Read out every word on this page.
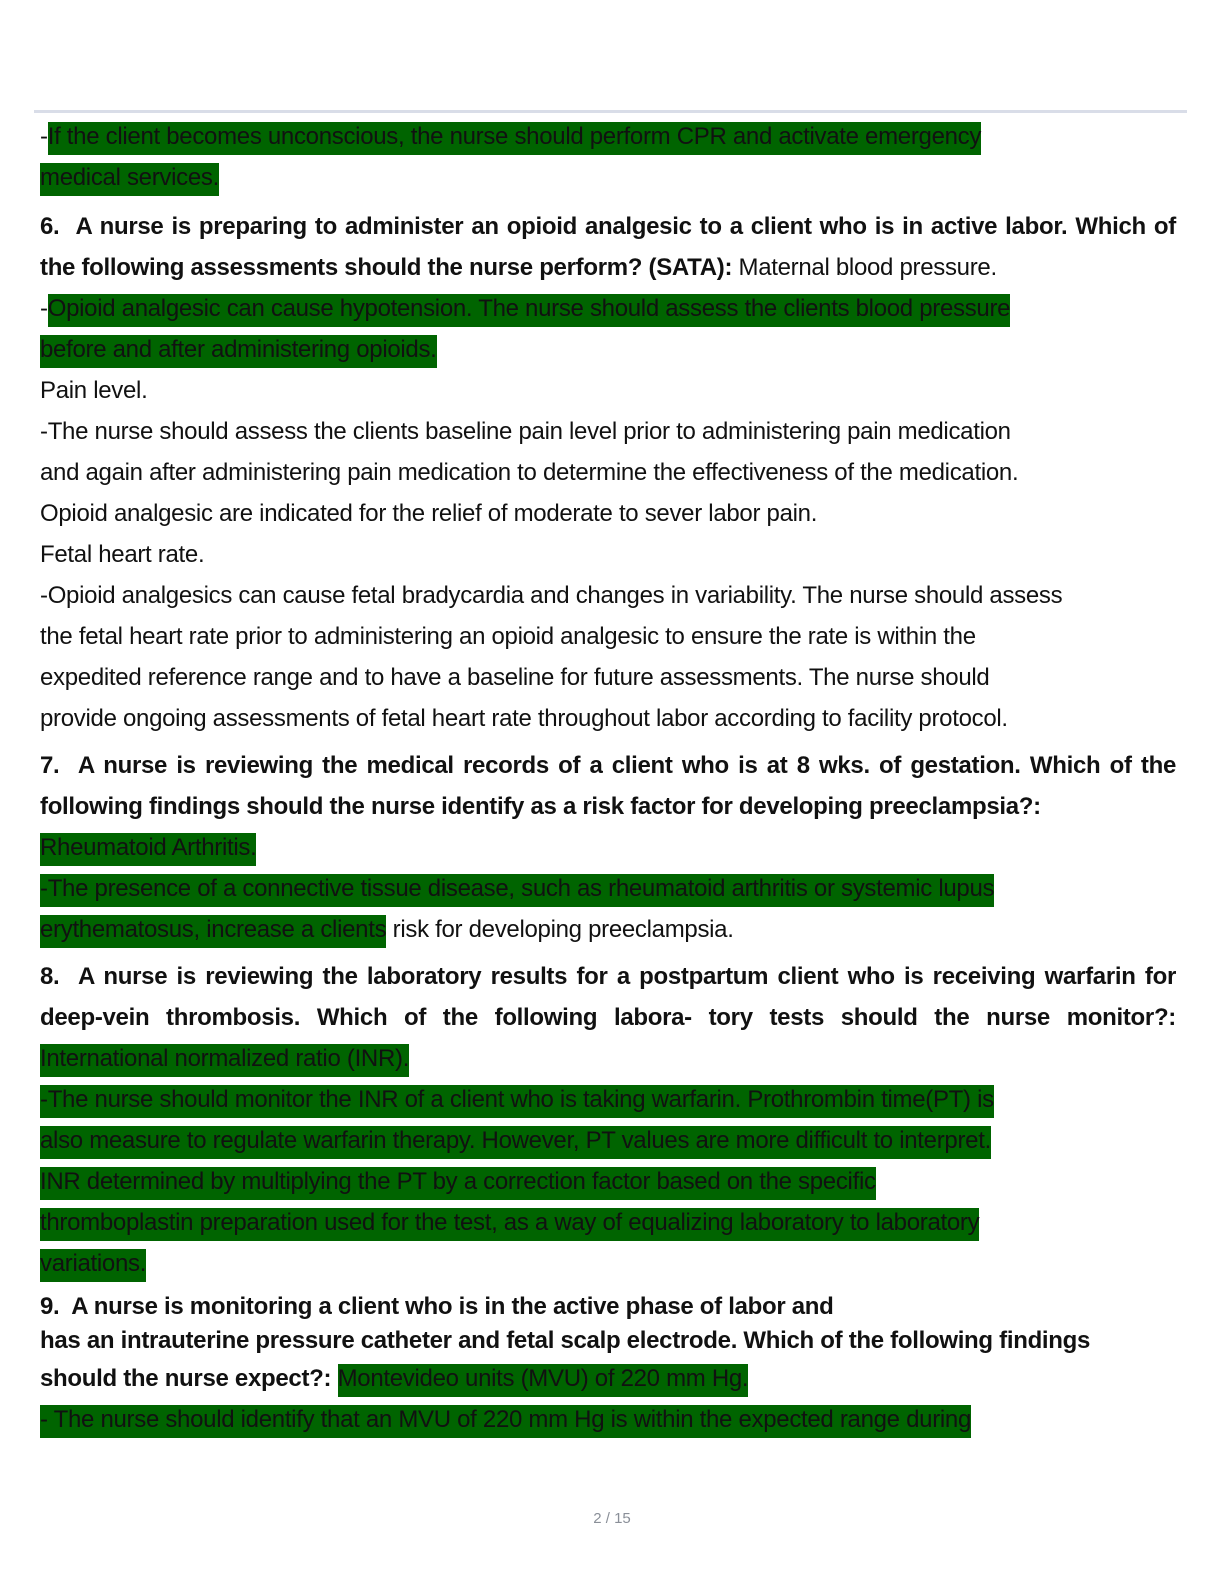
-If the client becomes unconscious, the nurse should perform CPR and activate emergency
medical services.
6. A nurse is preparing to administer an opioid analgesic to a client who is in active labor. Which of the following assessments should the nurse perform? (SATA): Maternal blood pressure.
-Opioid analgesic can cause hypotension. The nurse should assess the clients blood pressure
before and after administering opioids.
Pain level.
-The nurse should assess the clients baseline pain level prior to administering pain medication
and again after administering pain medication to determine the effectiveness of the medication.
Opioid analgesic are indicated for the relief of moderate to sever labor pain.
Fetal heart rate.
-Opioid analgesics can cause fetal bradycardia and changes in variability. The nurse should assess
the fetal heart rate prior to administering an opioid analgesic to ensure the rate is within the
expedited reference range and to have a baseline for future assessments. The nurse should
provide ongoing assessments of fetal heart rate throughout labor according to facility protocol.
7. A nurse is reviewing the medical records of a client who is at 8 wks. of gestation. Which of the following findings should the nurse identify as a risk factor for developing preeclampsia?:
Rheumatoid Arthritis.
-The presence of a connective tissue disease, such as rheumatoid arthritis or systemic lupus
erythematosus, increase a clients risk for developing preeclampsia.
8. A nurse is reviewing the laboratory results for a postpartum client who is receiving warfarin for deep-vein thrombosis. Which of the following labora- tory tests should the nurse monitor?: International normalized ratio (INR).
-The nurse should monitor the INR of a client who is taking warfarin. Prothrombin time(PT) is
also measure to regulate warfarin therapy. However, PT values are more difficult to interpret.
INR determined by multiplying the PT by a correction factor based on the specific
thromboplastin preparation used for the test, as a way of equalizing laboratory to laboratory
variations.
9. A nurse is monitoring a client who is in the active phase of labor and
has an intrauterine pressure catheter and fetal scalp electrode. Which of the following findings
should the nurse expect?: Montevideo units (MVU) of 220 mm Hg.
- The nurse should identify that an MVU of 220 mm Hg is within the expected range during
2 / 15
